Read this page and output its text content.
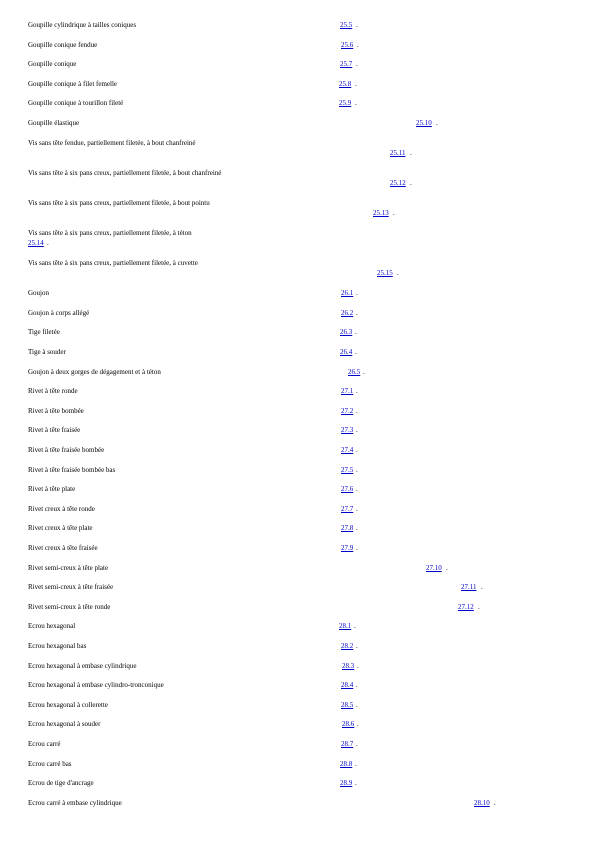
Goupille cylindrique à tailles coniques	25.5 .
Goupille conique fendue	25.6 .
Goupille conique	25.7 .
Goupille conique à filet femelle	25.8 .
Goupille conique à tourillon fileté	25.9 .
Goupille élastique	25.10 .
Vis sans tête fendue, partiellement filetée, à bout chanfreiné
25.11 .
Vis sans tête à six pans creux, partiellement filetée, à bout chanfreiné
25.12 .
Vis sans tête à six pans creux, partiellement filetée, à bout pointu
25.13 .
Vis sans tête à six pans creux, partiellement filetée, à téton
25.14 .
Vis sans tête à six pans creux, partiellement filetée, à cuvette
25.15 .
Goujon	26.1 .
Goujon à corps allégé	26.2 .
Tige filetée	26.3 .
Tige à souder	26.4 .
Goujon à deux gorges de dégagement et à téton	26.5 .
Rivet à tête ronde	27.1 .
Rivet à tête bombée	27.2 .
Rivet à tête fraisée	27.3 .
Rivet à tête fraisée bombée	27.4 .
Rivet à tête fraisée bombée bas	27.5 .
Rivet à tête plate	27.6 .
Rivet creux à tête ronde	27.7 .
Rivet creux à tête plate	27.8 .
Rivet creux à tête fraisée	27.9 .
Rivet semi-creux à tête plate	27.10 .
Rivet semi-creux à tête fraisée	27.11 .
Rivet semi-creux à tête ronde	27.12 .
Ecrou hexagonal	28.1 .
Ecrou hexagonal bas	28.2 .
Ecrou hexagonal à embase cylindrique	28.3 .
Ecrou hexagonal à embase cylindro-tronconique	28.4 .
Ecrou hexagonal à collerette	28.5 .
Ecrou hexagonal à souder	28.6 .
Ecrou carré	28.7 .
Ecrou carré bas	28.8 .
Ecrou de tige d'ancrage	28.9 .
Ecrou carré à embase cylindrique	28.10 .
